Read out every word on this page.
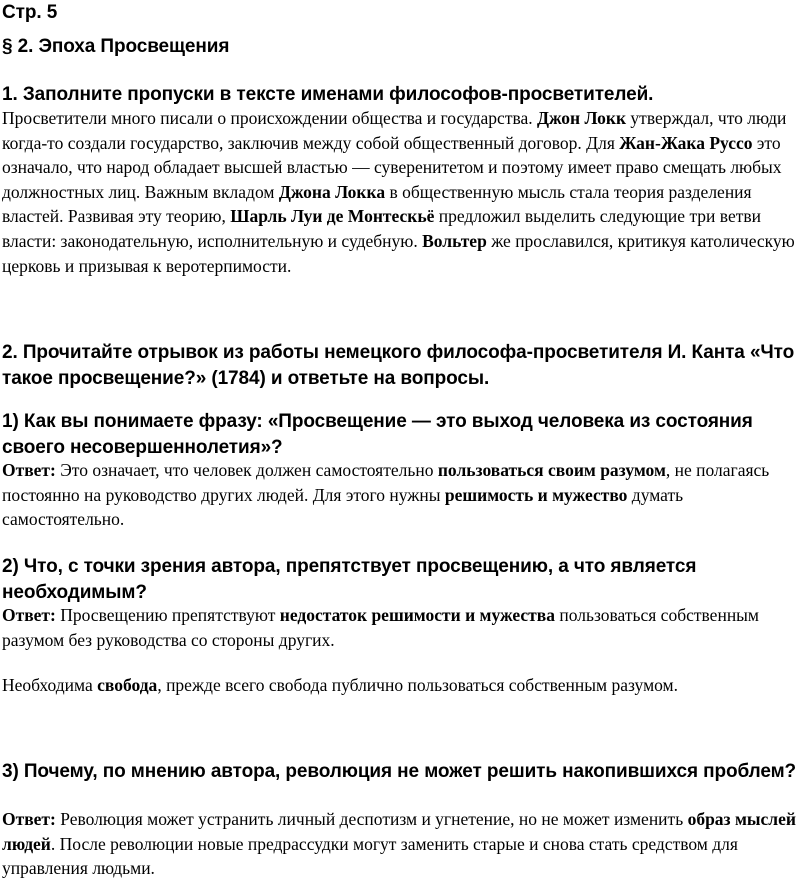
Стр. 5
§ 2. Эпоха Просвещения
1. Заполните пропуски в тексте именами философов-просветителей.

Просветители много писали о происхождении общества и государства. Джон Локк утверждал, что люди когда-то создали государство, заключив между собой общественный договор. Для Жан-Жака Руссо это означало, что народ обладает высшей властью — суверенитетом и поэтому имеет право смещать любых должностных лиц. Важным вкладом Джона Локка в общественную мысль стала теория разделения властей. Развивая эту теорию, Шарль Луи де Монтескьё предложил выделить следующие три ветви власти: законодательную, исполнительную и судебную. Вольтер же прославился, критикуя католическую церковь и призывая к веротерпимости.

2. Прочитайте отрывок из работы немецкого философа-просветителя И. Канта «Что такое просвещение?» (1784) и ответьте на вопросы.
1) Как вы понимаете фразу: «Просвещение — это выход человека из состояния своего несовершеннолетия»?

Ответ: Это означает, что человек должен самостоятельно пользоваться своим разумом, не полагаясь постоянно на руководство других людей. Для этого нужны решимость и мужество думать самостоятельно.

2) Что, с точки зрения автора, препятствует просвещению, а что является необходимым?

Ответ: Просвещению препятствуют недостаток решимости и мужества пользоваться собственным разумом без руководства со стороны других.

Необходима свобода, прежде всего свобода публично пользоваться собственным разумом.

3) Почему, по мнению автора, революция не может решить накопившихся проблем?

Ответ: Революция может устранить личный деспотизм и угнетение, но не может изменить образ мыслей людей. После революции новые предрассудки могут заменить старые и снова стать средством для управления людьми.
